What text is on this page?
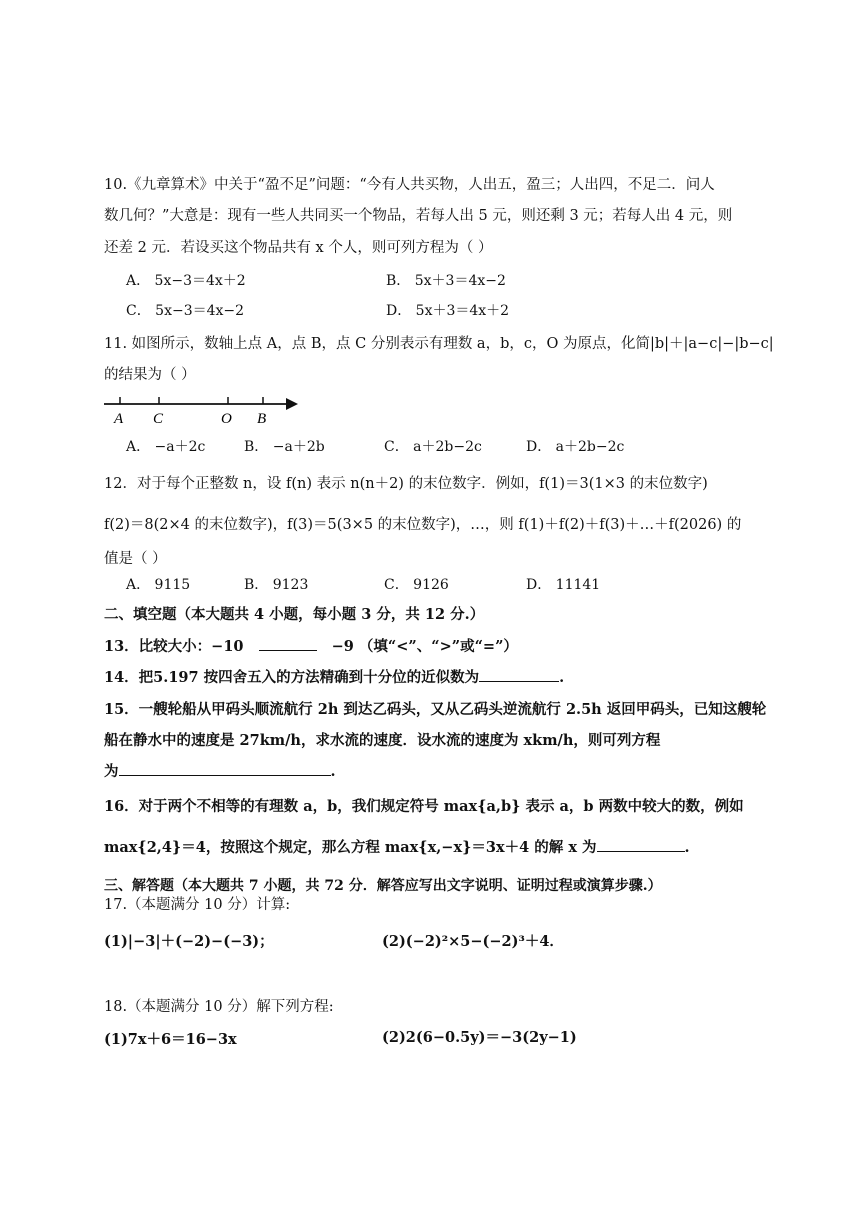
10.《九章算术》中关于“盈不足”问题：“今有人共买物，人出五，盈三；人出四，不足二．问人
数几何？”大意是：现有一些人共同买一个物品，若每人出 5 元，则还剩 3 元；若每人出 4 元，则
还差 2 元．若设买这个物品共有 x 个人，则可列方程为（ ）
A． 5x−3＝4x＋2	B． 5x＋3＝4x−2
C． 5x−3＝4x−2	D． 5x＋3＝4x＋2
11. 如图所示，数轴上点 A，点 B，点 C 分别表示有理数 a，b，c，O 为原点，化简|b|＋|a−c|−|b−c|
的结果为（ ）
A C	O B
A． −a＋2c	B． −a＋2b	C． a＋2b−2c	D． a＋2b−2c
12．对于每个正整数 n，设 f(n) 表示 n(n＋2) 的末位数字．例如，f(1)＝3(1×3 的末位数字)
f(2)＝8(2×4 的末位数字)，f(3)＝5(3×5 的末位数字)，…，则 f(1)＋f(2)＋f(3)＋…＋f(2026) 的
值是（ ）
A． 9115	B． 9123	C． 9126	D． 11141
二、填空题（本大题共 4 小题，每小题 3 分，共 12 分.）
13．比较大小：−10	−9 （填“<”、“>”或“=”）
14．把5.197 按四舍五入的方法精确到十分位的近似数为	.
15．一艘轮船从甲码头顺流航行 2h 到达乙码头，又从乙码头逆流航行 2.5h 返回甲码头，已知这艘轮
船在静水中的速度是 27km/h，求水流的速度．设水流的速度为 xkm/h，则可列方程
为	.
16．对于两个不相等的有理数 a，b，我们规定符号 max{a,b} 表示 a，b 两数中较大的数，例如
max{2,4}＝4，按照这个规定，那么方程 max{x,−x}＝3x＋4 的解 x 为	.
三、解答题（本大题共 7 小题，共 72 分．解答应写出文字说明、证明过程或演算步骤.）
17.（本题满分 10 分）计算:
(1)|−3|＋(−2)−(−3)；	(2)(−2)²×5−(−2)³＋4．
18.（本题满分 10 分）解下列方程:
(1)7x＋6＝16−3x	(2)2(6−0.5y)＝−3(2y−1)
